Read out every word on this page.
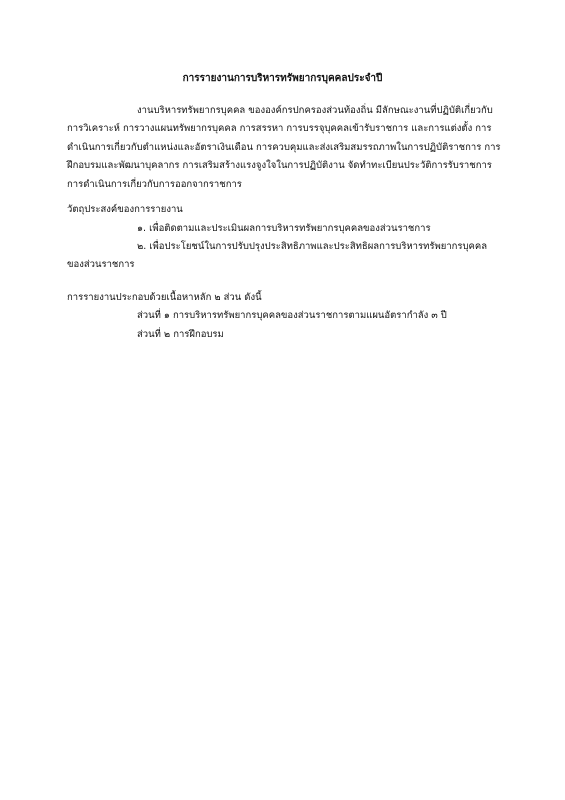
การรายงานการบริหารทรัพยากรบุคคลประจำปี
งานบริหารทรัพยากรบุคคล ขององค์กรปกครองส่วนท้องถิ่น มีลักษณะงานที่ปฏิบัติเกี่ยวกับ
การวิเคราะห์ การวางแผนทรัพยากรบุคคล การสรรหา การบรรจุบุคคลเข้ารับราชการ และการแต่งตั้ง การ
ดำเนินการเกี่ยวกับตำแหน่งและอัตราเงินเดือน การควบคุมและส่งเสริมสมรรถภาพในการปฏิบัติราชการ การ
ฝึกอบรมและพัฒนาบุคลากร การเสริมสร้างแรงจูงใจในการปฏิบัติงาน จัดทำทะเบียนประวัติการรับราชการ
การดำเนินการเกี่ยวกับการออกจากราชการ
วัตถุประสงค์ของการรายงาน
๑. เพื่อติดตามและประเมินผลการบริหารทรัพยากรบุคคลของส่วนราชการ
๒. เพื่อประโยชน์ในการปรับปรุงประสิทธิภาพและประสิทธิผลการบริหารทรัพยากรบุคคล
ของส่วนราชการ
การรายงานประกอบด้วยเนื้อหาหลัก ๒ ส่วน ดังนี้
ส่วนที่ ๑ การบริหารทรัพยากรบุคคลของส่วนราชการตามแผนอัตรากำลัง ๓ ปี
ส่วนที่ ๒ การฝึกอบรม
